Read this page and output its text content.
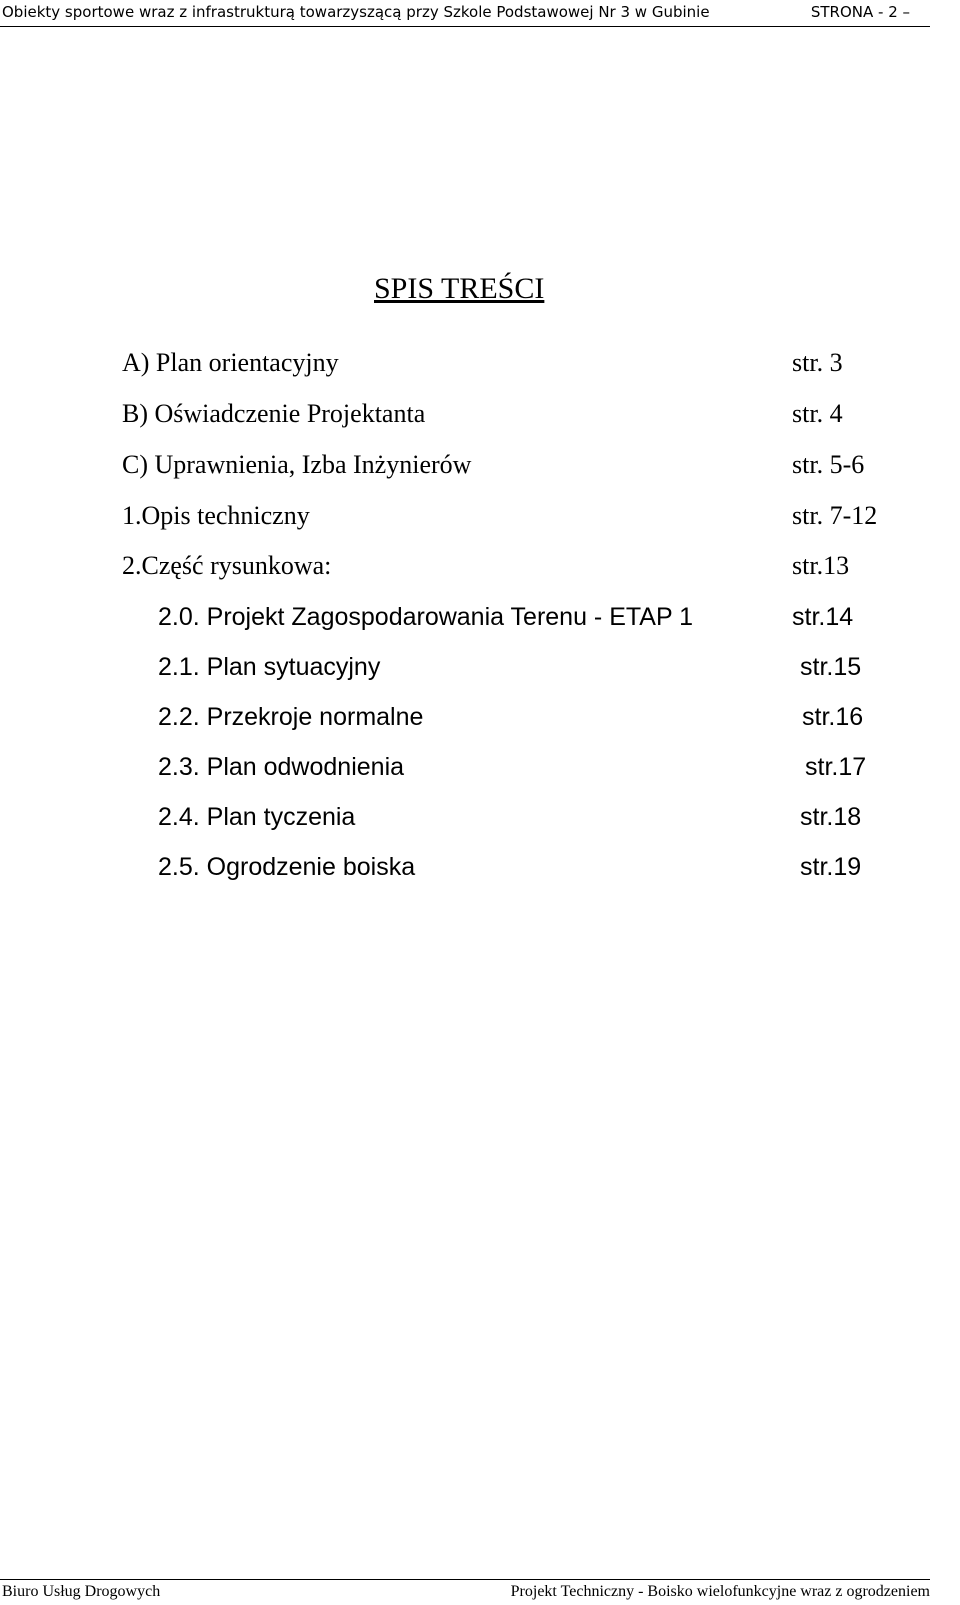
Obiekty sportowe wraz z infrastrukturą towarzyszącą przy Szkole Podstawowej Nr 3 w Gubinie	STRONA - 2 –
SPIS TREŚCI
A) Plan orientacyjny	str. 3
B) Oświadczenie Projektanta	str. 4
C) Uprawnienia, Izba Inżynierów	str. 5-6
1.Opis techniczny	str. 7-12
2.Część rysunkowa:	str.13
2.0. Projekt Zagospodarowania Terenu - ETAP 1	str.14
2.1. Plan sytuacyjny	str.15
2.2. Przekroje normalne	str.16
2.3. Plan odwodnienia	str.17
2.4. Plan tyczenia	str.18
2.5. Ogrodzenie boiska	str.19
Biuro Usług Drogowych	Projekt Techniczny - Boisko wielofunkcyjne wraz z ogrodzeniem
